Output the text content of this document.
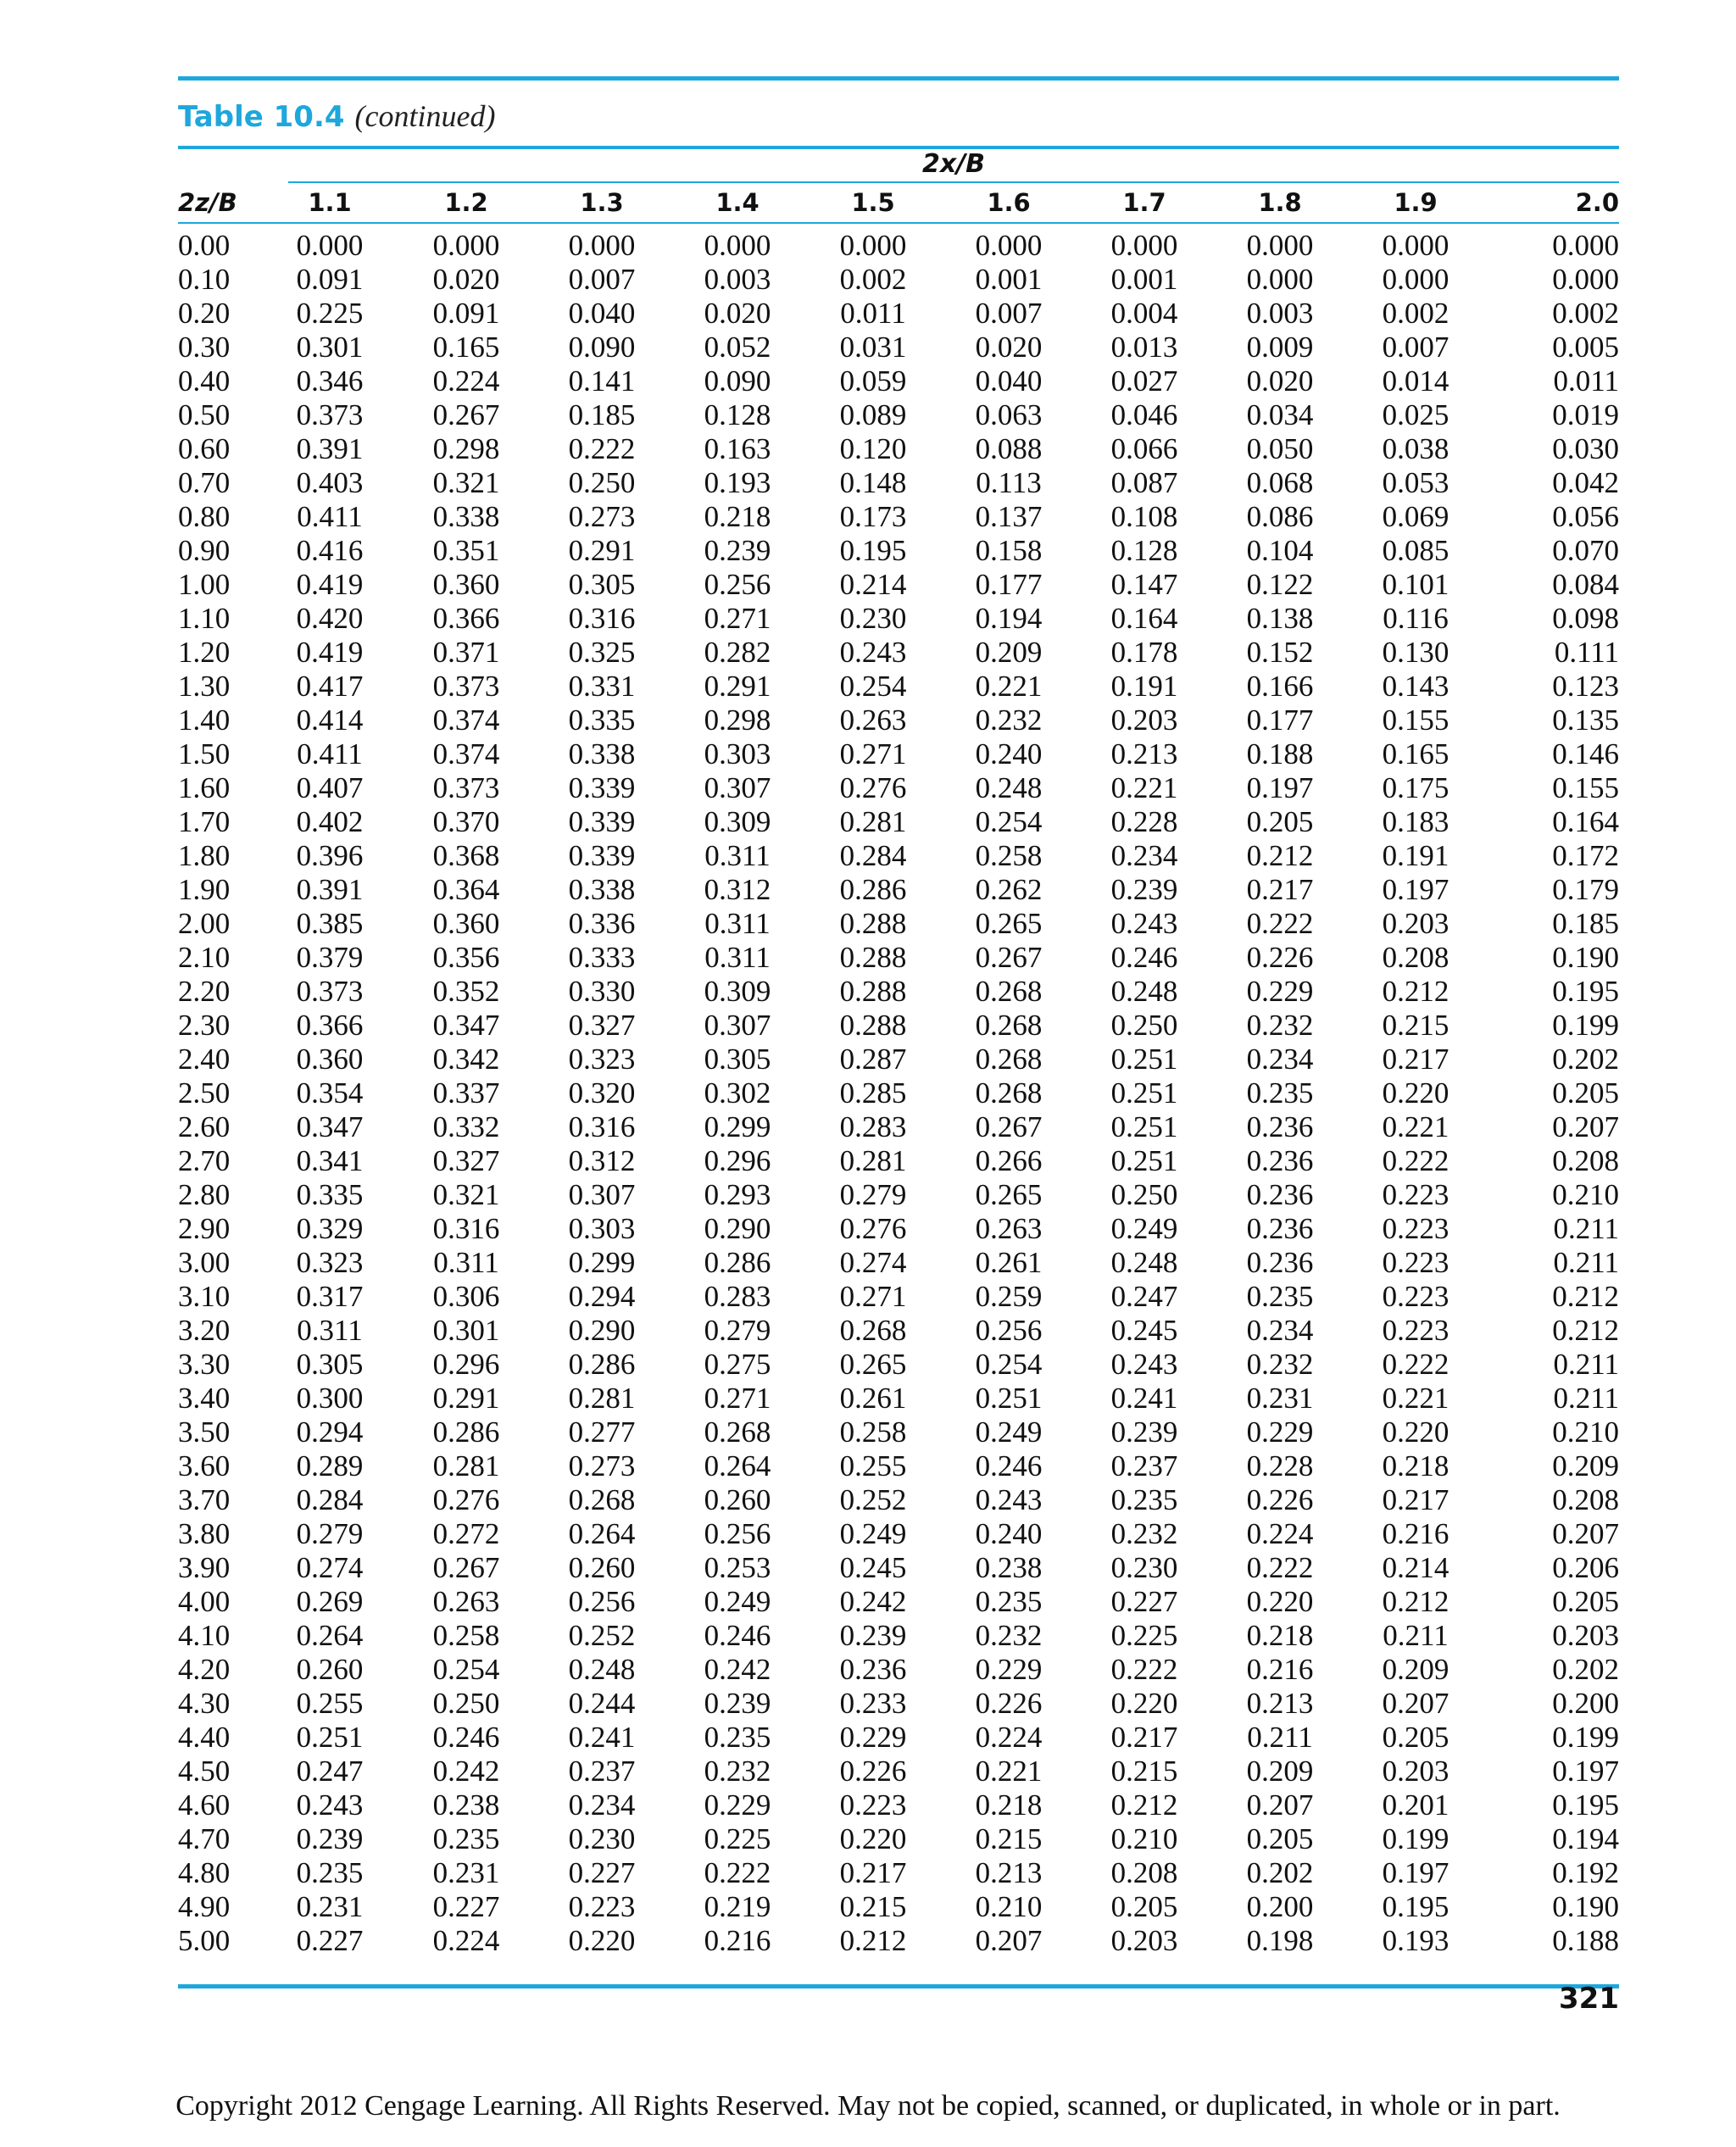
Table 10.4 (continued)
2x/B
2z/B	1.1	1.2	1.3	1.4	1.5	1.6	1.7	1.8	1.9	2.0

0.00	0.000	0.000	0.000	0.000	0.000	0.000	0.000	0.000	0.000	0.000
0.10	0.091	0.020	0.007	0.003	0.002	0.001	0.001	0.000	0.000	0.000
0.20	0.225	0.091	0.040	0.020	0.011	0.007	0.004	0.003	0.002	0.002
0.30	0.301	0.165	0.090	0.052	0.031	0.020	0.013	0.009	0.007	0.005
0.40	0.346	0.224	0.141	0.090	0.059	0.040	0.027	0.020	0.014	0.011
0.50	0.373	0.267	0.185	0.128	0.089	0.063	0.046	0.034	0.025	0.019
0.60	0.391	0.298	0.222	0.163	0.120	0.088	0.066	0.050	0.038	0.030
0.70	0.403	0.321	0.250	0.193	0.148	0.113	0.087	0.068	0.053	0.042
0.80	0.411	0.338	0.273	0.218	0.173	0.137	0.108	0.086	0.069	0.056
0.90	0.416	0.351	0.291	0.239	0.195	0.158	0.128	0.104	0.085	0.070
1.00	0.419	0.360	0.305	0.256	0.214	0.177	0.147	0.122	0.101	0.084
1.10	0.420	0.366	0.316	0.271	0.230	0.194	0.164	0.138	0.116	0.098
1.20	0.419	0.371	0.325	0.282	0.243	0.209	0.178	0.152	0.130	0.111
1.30	0.417	0.373	0.331	0.291	0.254	0.221	0.191	0.166	0.143	0.123
1.40	0.414	0.374	0.335	0.298	0.263	0.232	0.203	0.177	0.155	0.135
1.50	0.411	0.374	0.338	0.303	0.271	0.240	0.213	0.188	0.165	0.146
1.60	0.407	0.373	0.339	0.307	0.276	0.248	0.221	0.197	0.175	0.155
1.70	0.402	0.370	0.339	0.309	0.281	0.254	0.228	0.205	0.183	0.164
1.80	0.396	0.368	0.339	0.311	0.284	0.258	0.234	0.212	0.191	0.172
1.90	0.391	0.364	0.338	0.312	0.286	0.262	0.239	0.217	0.197	0.179
2.00	0.385	0.360	0.336	0.311	0.288	0.265	0.243	0.222	0.203	0.185
2.10	0.379	0.356	0.333	0.311	0.288	0.267	0.246	0.226	0.208	0.190
2.20	0.373	0.352	0.330	0.309	0.288	0.268	0.248	0.229	0.212	0.195
2.30	0.366	0.347	0.327	0.307	0.288	0.268	0.250	0.232	0.215	0.199
2.40	0.360	0.342	0.323	0.305	0.287	0.268	0.251	0.234	0.217	0.202
2.50	0.354	0.337	0.320	0.302	0.285	0.268	0.251	0.235	0.220	0.205
2.60	0.347	0.332	0.316	0.299	0.283	0.267	0.251	0.236	0.221	0.207
2.70	0.341	0.327	0.312	0.296	0.281	0.266	0.251	0.236	0.222	0.208
2.80	0.335	0.321	0.307	0.293	0.279	0.265	0.250	0.236	0.223	0.210
2.90	0.329	0.316	0.303	0.290	0.276	0.263	0.249	0.236	0.223	0.211
3.00	0.323	0.311	0.299	0.286	0.274	0.261	0.248	0.236	0.223	0.211
3.10	0.317	0.306	0.294	0.283	0.271	0.259	0.247	0.235	0.223	0.212
3.20	0.311	0.301	0.290	0.279	0.268	0.256	0.245	0.234	0.223	0.212
3.30	0.305	0.296	0.286	0.275	0.265	0.254	0.243	0.232	0.222	0.211
3.40	0.300	0.291	0.281	0.271	0.261	0.251	0.241	0.231	0.221	0.211
3.50	0.294	0.286	0.277	0.268	0.258	0.249	0.239	0.229	0.220	0.210
3.60	0.289	0.281	0.273	0.264	0.255	0.246	0.237	0.228	0.218	0.209
3.70	0.284	0.276	0.268	0.260	0.252	0.243	0.235	0.226	0.217	0.208
3.80	0.279	0.272	0.264	0.256	0.249	0.240	0.232	0.224	0.216	0.207
3.90	0.274	0.267	0.260	0.253	0.245	0.238	0.230	0.222	0.214	0.206
4.00	0.269	0.263	0.256	0.249	0.242	0.235	0.227	0.220	0.212	0.205
4.10	0.264	0.258	0.252	0.246	0.239	0.232	0.225	0.218	0.211	0.203
4.20	0.260	0.254	0.248	0.242	0.236	0.229	0.222	0.216	0.209	0.202
4.30	0.255	0.250	0.244	0.239	0.233	0.226	0.220	0.213	0.207	0.200
4.40	0.251	0.246	0.241	0.235	0.229	0.224	0.217	0.211	0.205	0.199
4.50	0.247	0.242	0.237	0.232	0.226	0.221	0.215	0.209	0.203	0.197
4.60	0.243	0.238	0.234	0.229	0.223	0.218	0.212	0.207	0.201	0.195
4.70	0.239	0.235	0.230	0.225	0.220	0.215	0.210	0.205	0.199	0.194
4.80	0.235	0.231	0.227	0.222	0.217	0.213	0.208	0.202	0.197	0.192
4.90	0.231	0.227	0.223	0.219	0.215	0.210	0.205	0.200	0.195	0.190
5.00	0.227	0.224	0.220	0.216	0.212	0.207	0.203	0.198	0.193	0.188
321
Copyright 2012 Cengage Learning. All Rights Reserved. May not be copied, scanned, or duplicated, in whole or in part.
